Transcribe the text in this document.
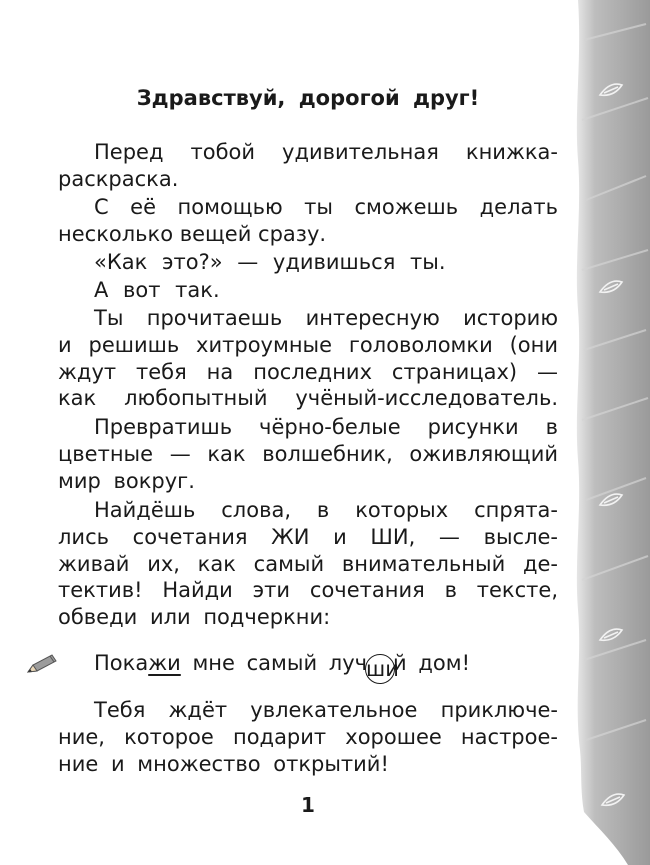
Здравствуй, дорогой друг!
Перед тобой удивительная книжка-
раскраска.
С её помощью ты сможешь делать
несколько вещей сразу.
«Как это?» — удивишься ты.
А вот так.
Ты прочитаешь интересную историю
и решишь хитроумные головоломки (они
ждут тебя на последних страницах) —
как любопытный учёный-исследователь.
Превратишь чёрно-белые рисунки в
цветные — как волшебник, оживляющий
мир вокруг.
Найдёшь слова, в которых спрята-
лись сочетания ЖИ и ШИ, — высле-
живай их, как самый внимательный де-
тектив! Найди эти сочетания в тексте,
обведи или подчеркни:
Покажи мне самый лучший дом!
Тебя ждёт увлекательное приключе-
ние, которое подарит хорошее настрое-
ние и множество открытий!
1
